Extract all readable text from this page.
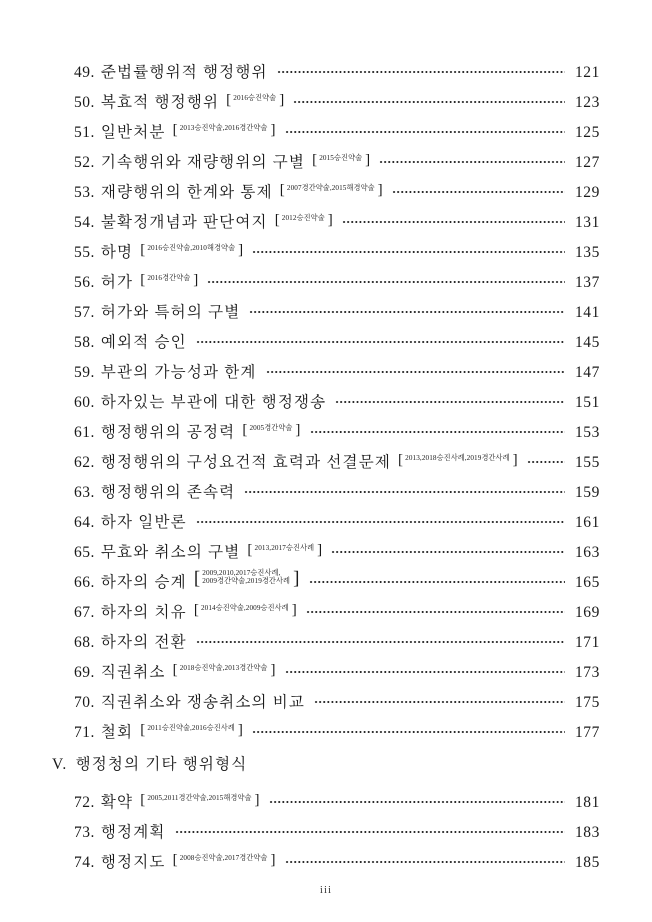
49. 준법률행위적 행정행위	121
50. 복효적 행정행위 [ 2016승진약술 ]	123
51. 일반처분 [ 2013승진약술,2016경간약술 ]	125
52. 기속행위와 재량행위의 구별 [ 2015승진약술 ]	127
53. 재량행위의 한계와 통제 [ 2007경간약술,2015해경약술 ]	129
54. 불확정개념과 판단여지 [ 2012승진약술 ]	131
55. 하명 [ 2016승진약술,2010해경약술 ]	135
56. 허가 [ 2016경간약술 ]	137
57. 허가와 특허의 구별	141
58. 예외적 승인	145
59. 부관의 가능성과 한계	147
60. 하자있는 부관에 대한 행정쟁송	151
61. 행정행위의 공정력 [ 2005경간약술 ]	153
62. 행정행위의 구성요건적 효력과 선결문제 [ 2013,2018승진사례,2019경간사례 ]	155
63. 행정행위의 존속력	159
64. 하자 일반론	161
65. 무효와 취소의 구별 [ 2013,2017승진사례 ]	163
66. 하자의 승계 [ 2009,2010,2017승진사례,
2009경간약술,2019경간사례 ]	165
67. 하자의 치유 [ 2014승진약술,2009승진사례 ]	169
68. 하자의 전환	171
69. 직권취소 [ 2018승진약술,2013경간약술 ]	173
70. 직권취소와 쟁송취소의 비교	175
71. 철회 [ 2011승진약술,2016승진사례 ]	177
V. 행정청의 기타 행위형식
72. 확약 [ 2005,2011경간약술,2015해경약술 ]	181
73. 행정계획	183
74. 행정지도 [ 2008승진약술,2017경간약술 ]	185
iii
